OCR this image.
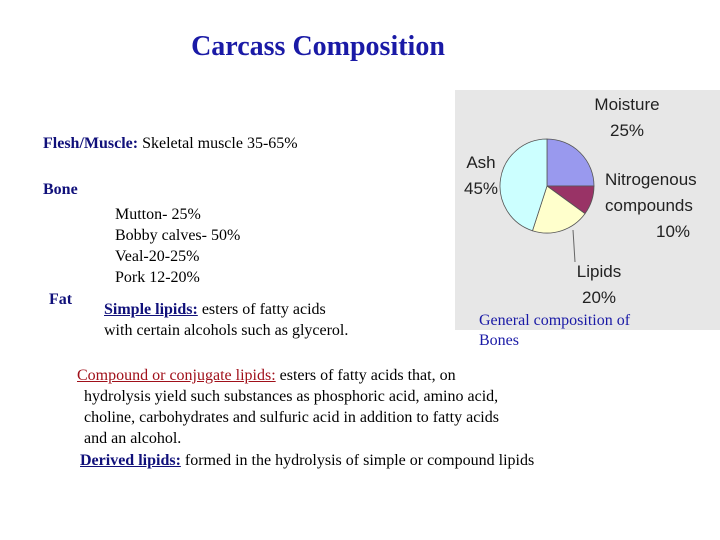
Carcass Composition
Flesh/Muscle: Skeletal muscle 35-65%
Bone
Mutton- 25%
Bobby calves- 50%
Veal-20-25%
Pork 12-20%
Fat
Simple lipids: esters of fatty acids
with certain alcohols such as glycerol.
Moisture
25%
Nitrogenous
compounds
10%
Lipids
20%
Ash
45%
General composition of Bones
Compound or conjugate lipids: esters of fatty acids that, on
hydrolysis yield such substances as phosphoric acid, amino acid,
choline, carbohydrates and sulfuric acid in addition to fatty acids
and an alcohol.
Derived lipids: formed in the hydrolysis of simple or compound lipids
